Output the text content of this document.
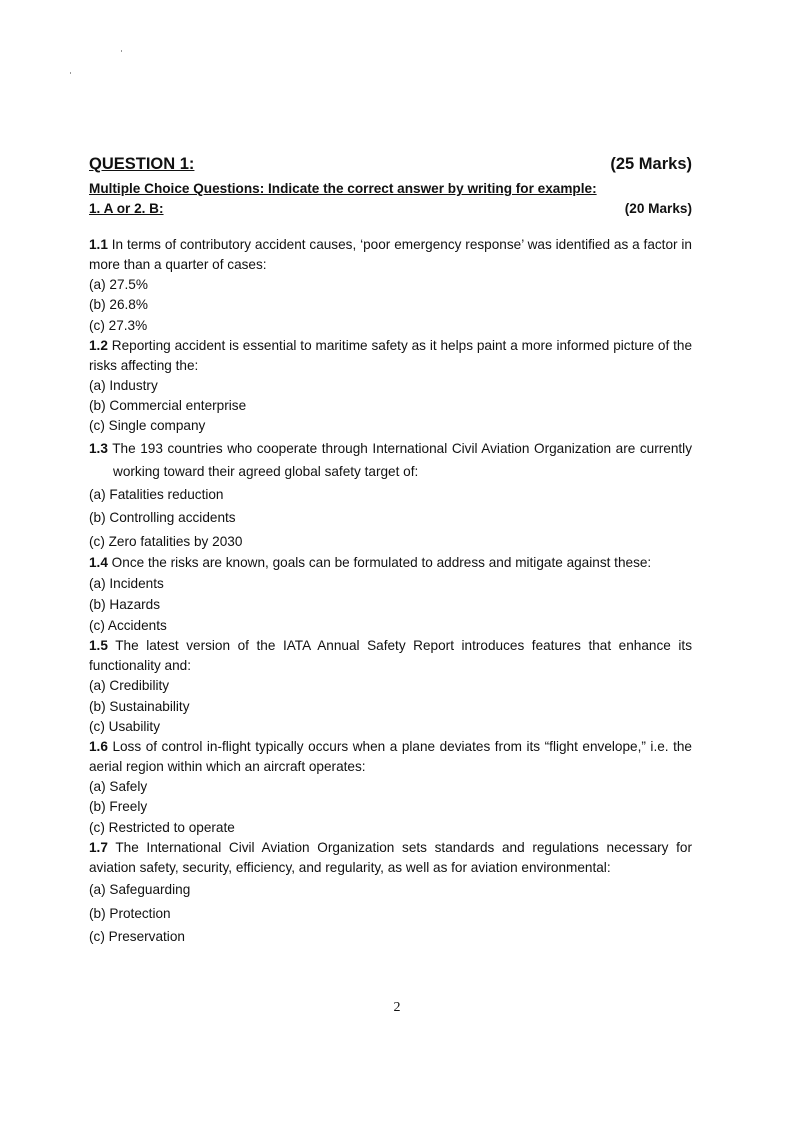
QUESTION 1:	(25 Marks)
Multiple Choice Questions: Indicate the correct answer by writing for example: 1. A or 2. B:	(20 Marks)
1.1 In terms of contributory accident causes, ‘poor emergency response’ was identified as a factor in more than a quarter of cases:
(a) 27.5%
(b) 26.8%
(c) 27.3%
1.2 Reporting accident is essential to maritime safety as it helps paint a more informed picture of the risks affecting the:
(a) Industry
(b) Commercial enterprise
(c) Single company
1.3 The 193 countries who cooperate through International Civil Aviation Organization are currently working toward their agreed global safety target of:
(a) Fatalities reduction
(b) Controlling accidents
(c) Zero fatalities by 2030
1.4 Once the risks are known, goals can be formulated to address and mitigate against these:
(a) Incidents
(b) Hazards
(c) Accidents
1.5 The latest version of the IATA Annual Safety Report introduces features that enhance its functionality and:
(a) Credibility
(b) Sustainability
(c) Usability
1.6 Loss of control in-flight typically occurs when a plane deviates from its “flight envelope,” i.e. the aerial region within which an aircraft operates:
(a) Safely
(b) Freely
(c) Restricted to operate
1.7 The International Civil Aviation Organization sets standards and regulations necessary for aviation safety, security, efficiency, and regularity, as well as for aviation environmental:
(a) Safeguarding
(b) Protection
(c) Preservation
2
